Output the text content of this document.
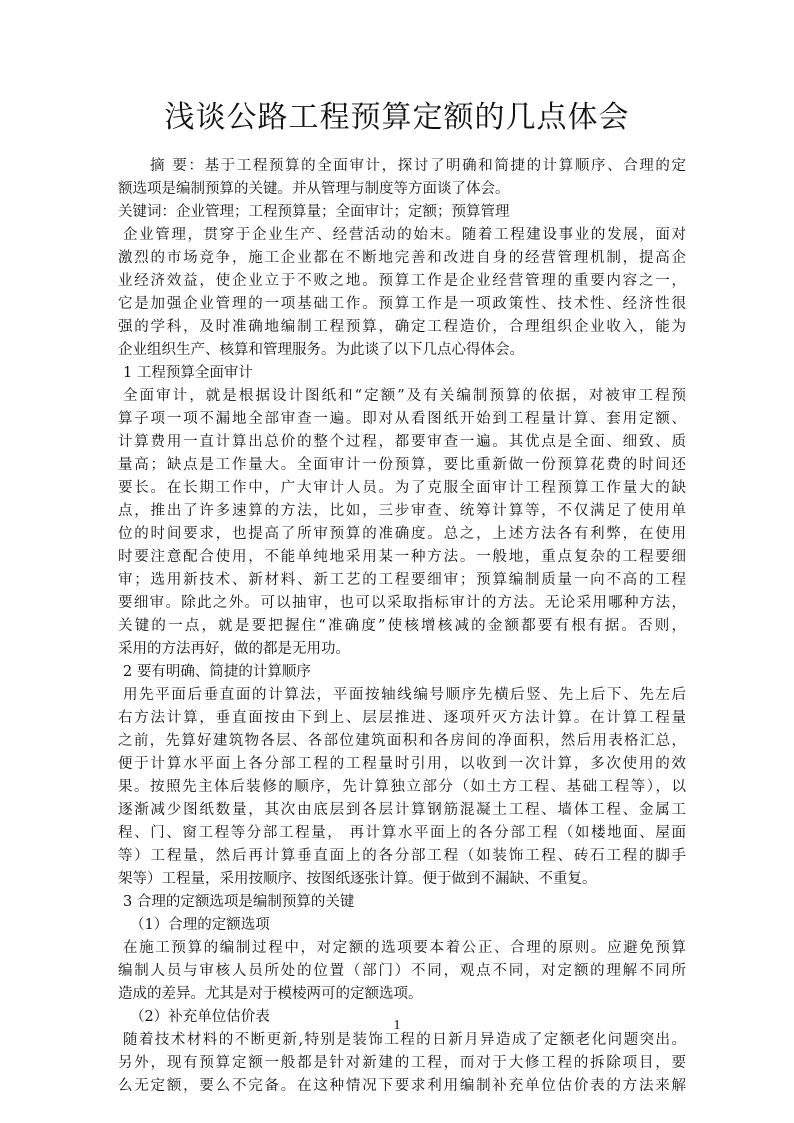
浅谈公路工程预算定额的几点体会
摘 要：基于工程预算的全面审计，探讨了明确和简捷的计算顺序、合理的定
额选项是编制预算的关键。并从管理与制度等方面谈了体会。
关键词：企业管理；工程预算量；全面审计；定额；预算管理
企业管理，贯穿于企业生产、经营活动的始末。随着工程建设事业的发展，面对
激烈的市场竞争，施工企业都在不断地完善和改进自身的经营管理机制，提高企
业经济效益，使企业立于不败之地。预算工作是企业经营管理的重要内容之一，
它是加强企业管理的一项基础工作。预算工作是一项政策性、技术性、经济性很
强的学科，及时准确地编制工程预算，确定工程造价，合理组织企业收入，能为
企业组织生产、核算和管理服务。为此谈了以下几点心得体会。
1 工程预算全面审计
全面审计，就是根据设计图纸和“定额”及有关编制预算的依据，对被审工程预
算子项一项不漏地全部审查一遍。即对从看图纸开始到工程量计算、套用定额、
计算费用一直计算出总价的整个过程，都要审查一遍。其优点是全面、细致、质
量高；缺点是工作量大。全面审计一份预算，要比重新做一份预算花费的时间还
要长。在长期工作中，广大审计人员。为了克服全面审计工程预算工作量大的缺
点，推出了许多速算的方法，比如，三步审查、统筹计算等，不仅满足了使用单
位的时间要求，也提高了所审预算的准确度。总之，上述方法各有利弊，在使用
时要注意配合使用，不能单纯地采用某一种方法。一般地，重点复杂的工程要细
审；选用新技术、新材料、新工艺的工程要细审；预算编制质量一向不高的工程
要细审。除此之外。可以抽审，也可以采取指标审计的方法。无论采用哪种方法，
关键的一点，就是要把握住“准确度”使核增核减的金额都要有根有据。否则，
采用的方法再好，做的都是无用功。
2 要有明确、简捷的计算顺序
用先平面后垂直面的计算法，平面按轴线编号顺序先横后竖、先上后下、先左后
右方法计算，垂直面按由下到上、层层推进、逐项歼灭方法计算。在计算工程量
之前，先算好建筑物各层、各部位建筑面积和各房间的净面积，然后用表格汇总，
便于计算水平面上各分部工程的工程量时引用，以收到一次计算，多次使用的效
果。按照先主体后装修的顺序，先计算独立部分（如土方工程、基础工程等），以
逐渐减少图纸数量，其次由底层到各层计算钢筋混凝土工程、墙体工程、金属工
程、门、窗工程等分部工程量， 再计算水平面上的各分部工程（如楼地面、屋面
等）工程量，然后再计算垂直面上的各分部工程（如装饰工程、砖石工程的脚手
架等）工程量，采用按顺序、按图纸逐张计算。便于做到不漏缺、不重复。
3 合理的定额选项是编制预算的关键
（1）合理的定额选项
在施工预算的编制过程中，对定额的选项要本着公正、合理的原则。应避免预算
编制人员与审核人员所处的位置（部门）不同，观点不同，对定额的理解不同所
造成的差异。尤其是对于模棱两可的定额选项。
（2）补充单位估价表
随着技术材料的不断更新,特别是装饰工程的日新月异造成了定额老化问题突出。
另外，现有预算定额一般都是针对新建的工程，而对于大修工程的拆除项目，要
么无定额，要么不完备。在这种情况下要求利用编制补充单位估价表的方法来解
1
